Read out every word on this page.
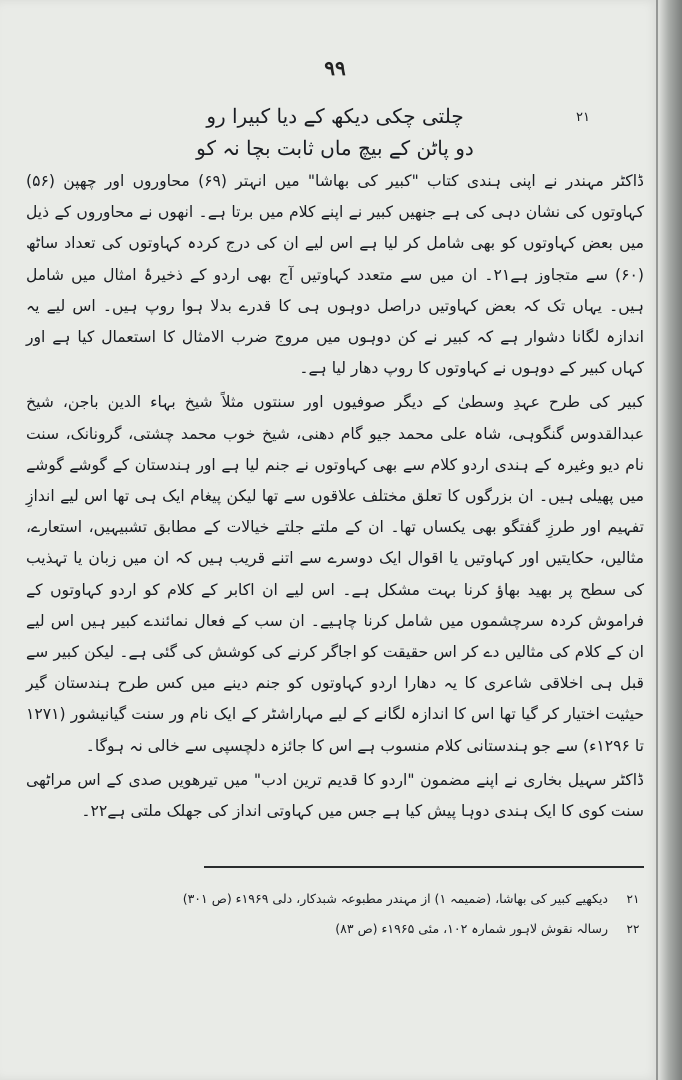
۹۹
۲۱
چلتی چکی دیکھ کے دیا کبیرا رو
دو پاٹن کے بیچ ماں ثابت بچا نہ کو

ڈاکٹر مہندر نے اپنی ہندی کتاب "کبیر کی بھاشا" میں انہتر (۶۹) محاوروں اور چھپن (۵۶) کہاوتوں کی نشان دہی کی ہے جنھیں کبیر نے اپنے کلام میں برتا ہے۔ انھوں نے محاوروں کے ذیل میں بعض کہاوتوں کو بھی شامل کر لیا ہے اس لیے ان کی درج کردہ کہاوتوں کی تعداد ساٹھ (۶۰) سے متجاوز ہے۲۱۔ ان میں سے متعدد کہاوتیں آج بھی اردو کے ذخیرۂ امثال میں شامل ہیں۔ یہاں تک کہ بعض کہاوتیں دراصل دوہوں ہی کا قدرے بدلا ہوا روپ ہیں۔ اس لیے یہ اندازہ لگانا دشوار ہے کہ کبیر نے کن دوہوں میں مروج ضرب الامثال کا استعمال کیا ہے اور کہاں کبیر کے دوہوں نے کہاوتوں کا روپ دھار لیا ہے۔

کبیر کی طرح عہدِ وسطیٰ کے دیگر صوفیوں اور سنتوں مثلاً شیخ بہاء الدین باجن، شیخ عبدالقدوس گنگوہی، شاہ علی محمد جیو گام دھنی، شیخ خوب محمد چشتی، گرونانک، سنت نام دیو وغیرہ کے ہندی اردو کلام سے بھی کہاوتوں نے جنم لیا ہے اور ہندستان کے گوشے گوشے میں پھیلی ہیں۔ ان بزرگوں کا تعلق مختلف علاقوں سے تھا لیکن پیغام ایک ہی تھا اس لیے اندازِ تفہیم اور طرزِ گفتگو بھی یکساں تھا۔ ان کے ملتے جلتے خیالات کے مطابق تشبیہیں، استعارے، مثالیں، حکایتیں اور کہاوتیں یا اقوال ایک دوسرے سے اتنے قریب ہیں کہ ان میں زبان یا تہذیب کی سطح پر بھید بھاؤ کرنا بہت مشکل ہے۔ اس لیے ان اکابر کے کلام کو اردو کہاوتوں کے فراموش کردہ سرچشموں میں شامل کرنا چاہیے۔ ان سب کے فعال نمائندے کبیر ہیں اس لیے ان کے کلام کی مثالیں دے کر اس حقیقت کو اجاگر کرنے کی کوشش کی گئی ہے۔ لیکن کبیر سے قبل ہی اخلاقی شاعری کا یہ دھارا اردو کہاوتوں کو جنم دینے میں کس طرح ہندستان گیر حیثیت اختیار کر گیا تھا اس کا اندازہ لگانے کے لیے مہاراشٹر کے ایک نام ور سنت گیانیشور (۱۲۷۱ تا ۱۲۹۶ء) سے جو ہندستانی کلام منسوب ہے اس کا جائزہ دلچسپی سے خالی نہ ہوگا۔

ڈاکٹر سہیل بخاری نے اپنے مضمون "اردو کا قدیم ترین ادب" میں تیرھویں صدی کے اس مراٹھی سنت کوی کا ایک ہندی دوہا پیش کیا ہے جس میں کہاوتی انداز کی جھلک ملتی ہے۲۲۔

۲۱
دیکھیے کبیر کی بھاشا، (ضمیمہ ۱) از مہندر مطبوعہ شبدکار، دلی ۱۹۶۹ء (ص ۳۰۱)
۲۲
رسالہ نقوش لاہور شمارہ ۱۰۲، مئی ۱۹۶۵ء (ص ۸۳)
